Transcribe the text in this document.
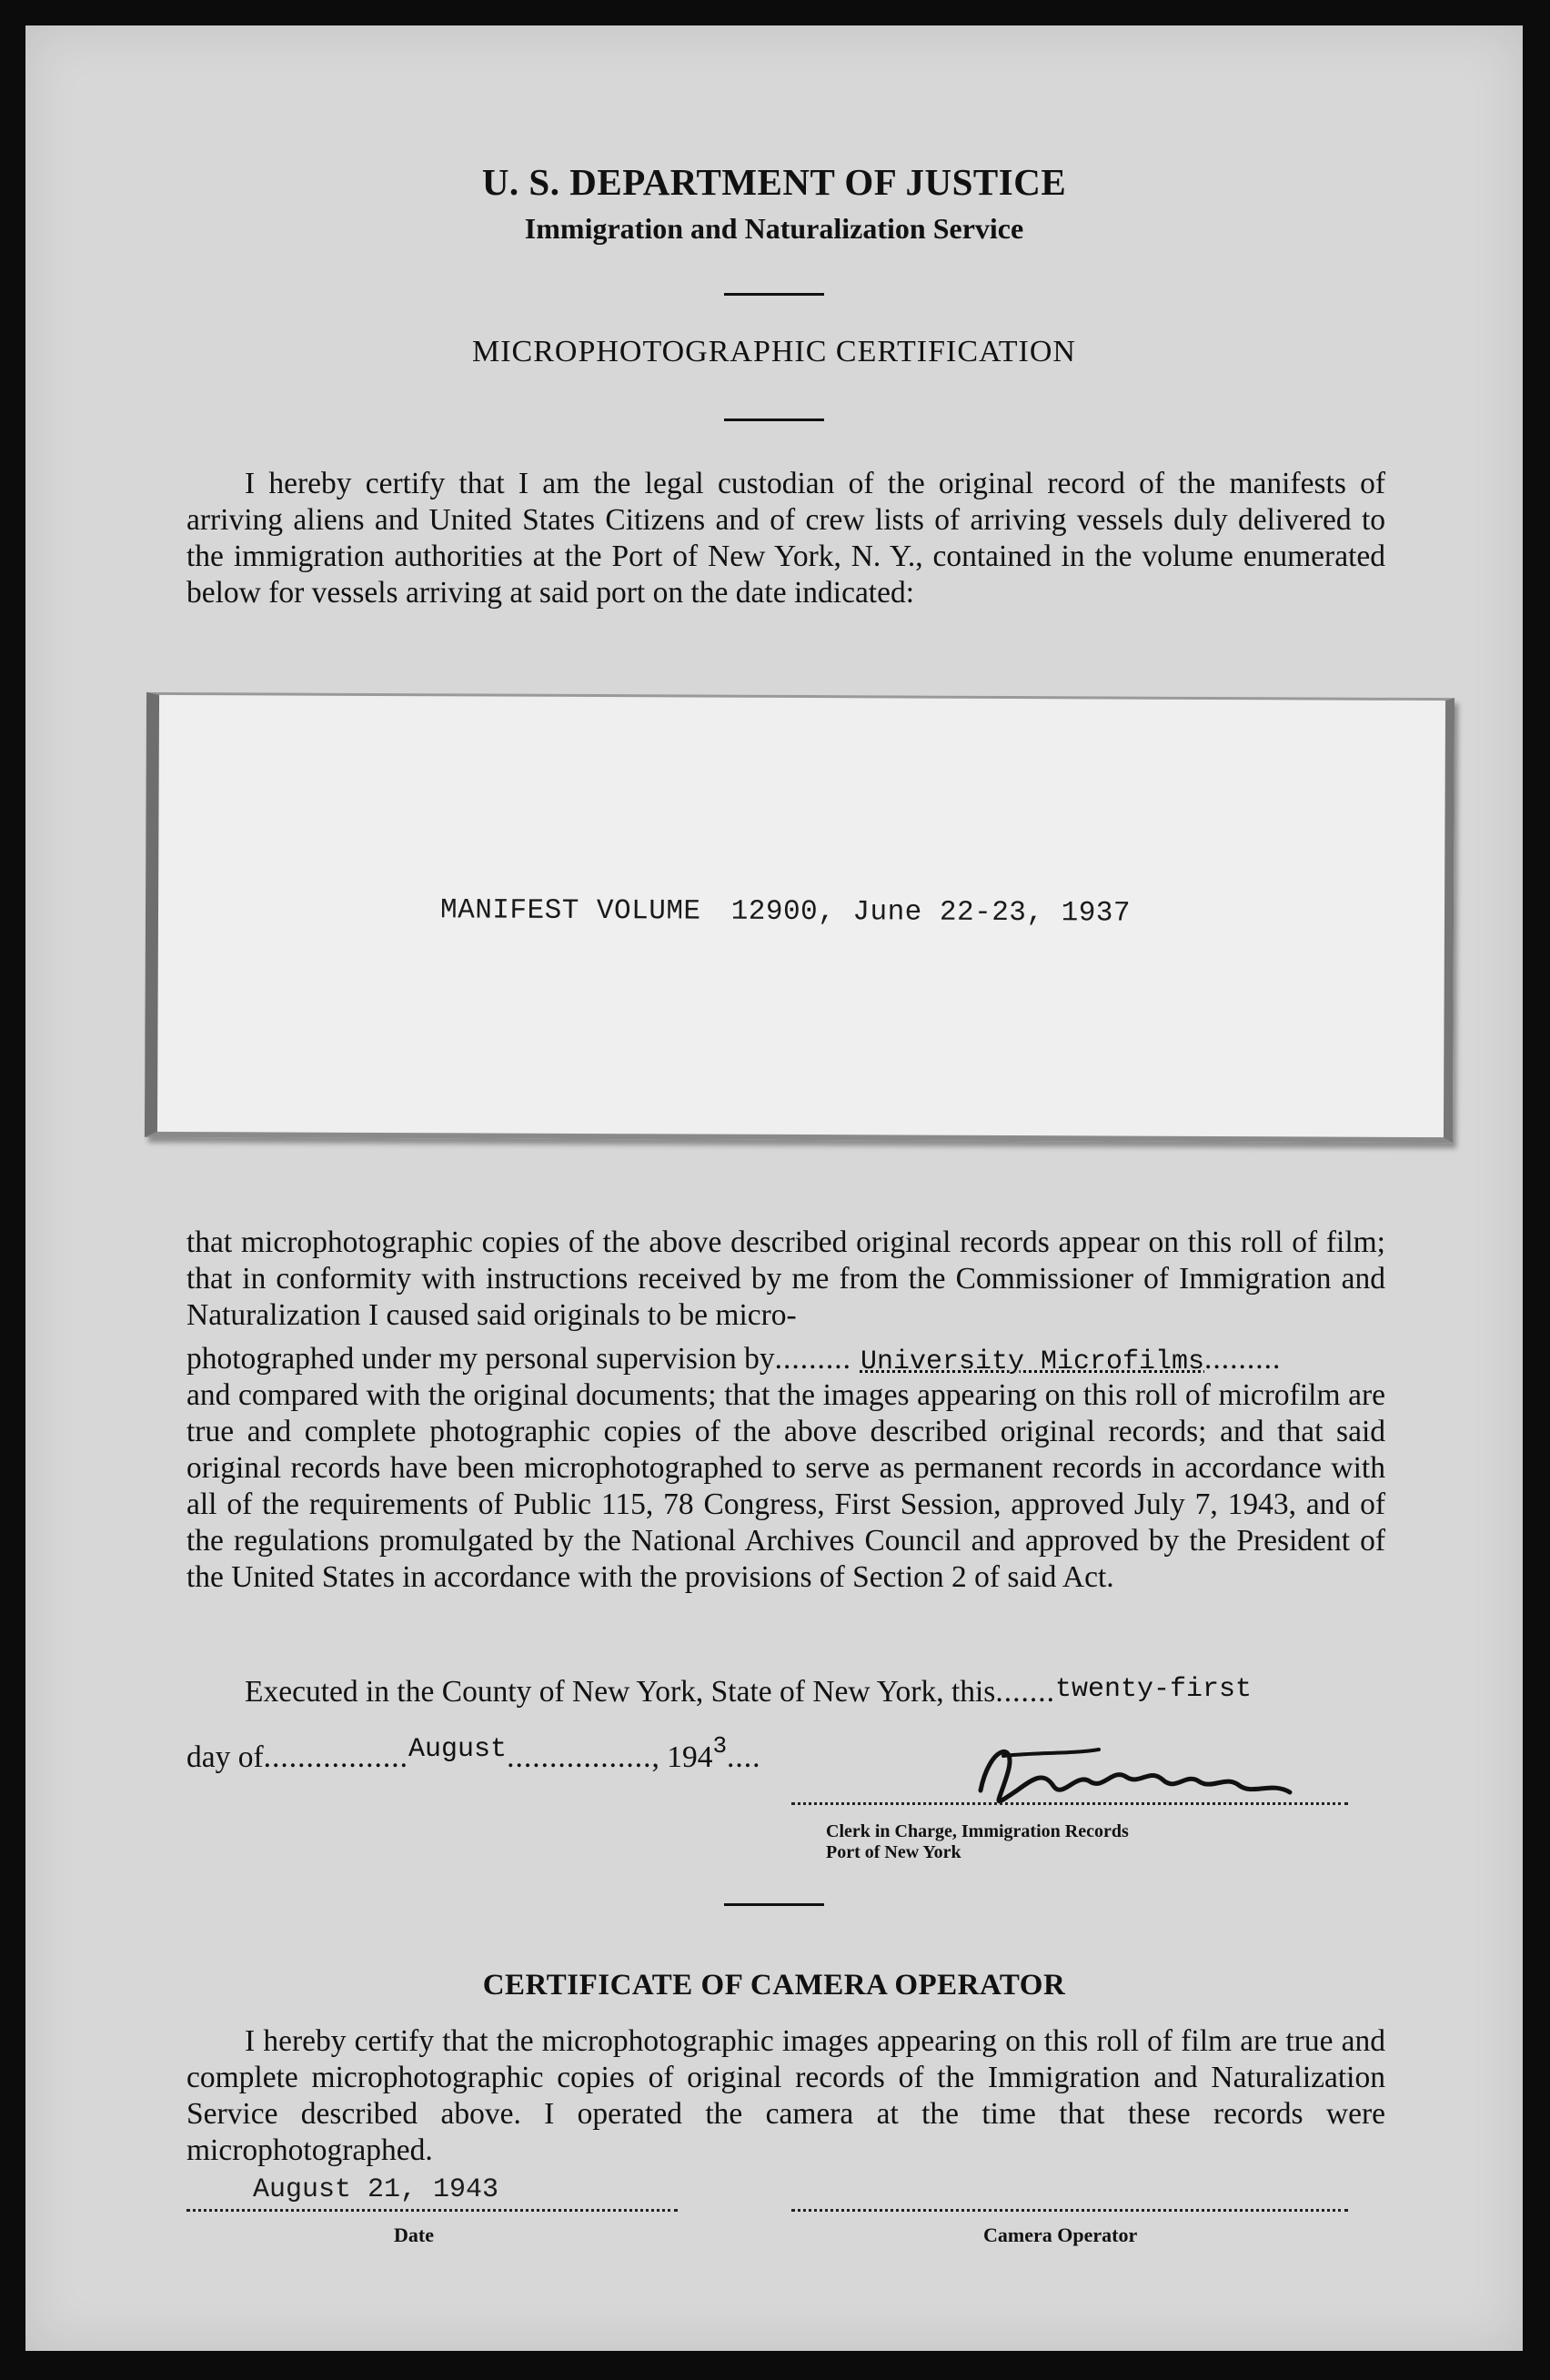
U. S. DEPARTMENT OF JUSTICE
Immigration and Naturalization Service
MICROPHOTOGRAPHIC CERTIFICATION

I hereby certify that I am the legal custodian of the original record of the manifests of arriving aliens and United States Citizens and of crew lists of arriving vessels duly delivered to the immigration authorities at the Port of New York, N. Y., contained in the volume enumerated below for vessels arriving at said port on the date indicated:

MANIFEST VOLUME 12900, June 22-23, 1937

that microphotographic copies of the above described original records appear on this roll of film; that in conformity with instructions received by me from the Commissioner of Immigration and Naturalization I caused said originals to be micro-

photographed under my personal supervision by......... University Microfilms.........

and compared with the original documents; that the images appearing on this roll of microfilm are true and complete photographic copies of the above described original records; and that said original records have been microphotographed to serve as permanent records in accordance with all of the requirements of Public 115, 78 Congress, First Session, approved July 7, 1943, and of the regulations promulgated by the National Archives Council and approved by the President of the United States in accordance with the provisions of Section 2 of said Act.

Executed in the County of New York, State of New York, this.......twenty-first
day of.................August................., $194^3$....
Clerk in Charge, Immigration Records
Port of New York
CERTIFICATE OF CAMERA OPERATOR

I hereby certify that the microphotographic images appearing on this roll of film are true and complete microphotographic copies of original records of the Immigration and Naturalization Service described above. I operated the camera at the time that these records were microphotographed.

August 21, 1943
Date	Camera Operator
